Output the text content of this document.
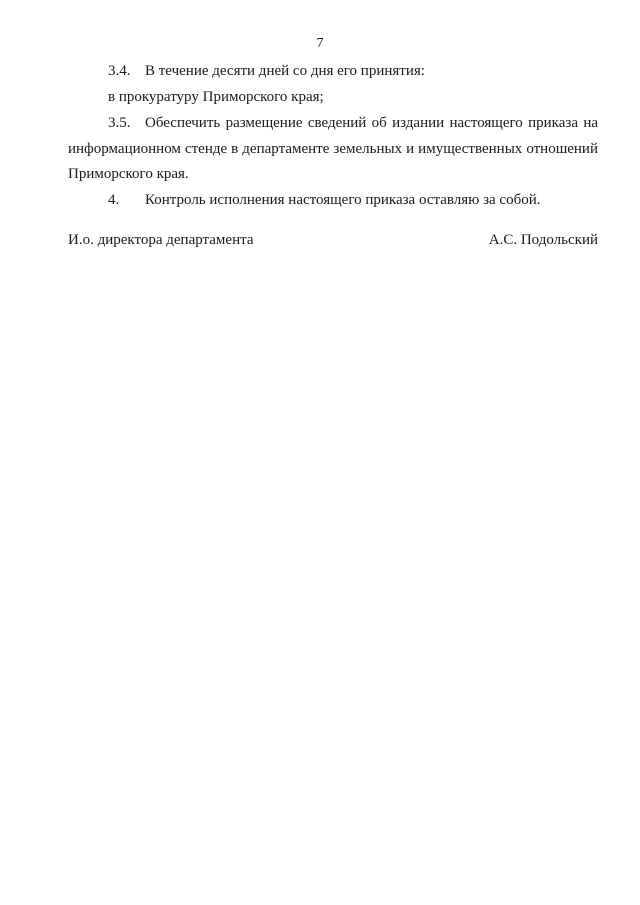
7
3.4. В течение десяти дней со дня его принятия:
в прокуратуру Приморского края;
3.5. Обеспечить размещение сведений об издании настоящего приказа на
информационном стенде в департаменте земельных и имущественных отношений
Приморского края.
4. Контроль исполнения настоящего приказа оставляю за собой.
И.о. директора департамента	А.С. Подольский
